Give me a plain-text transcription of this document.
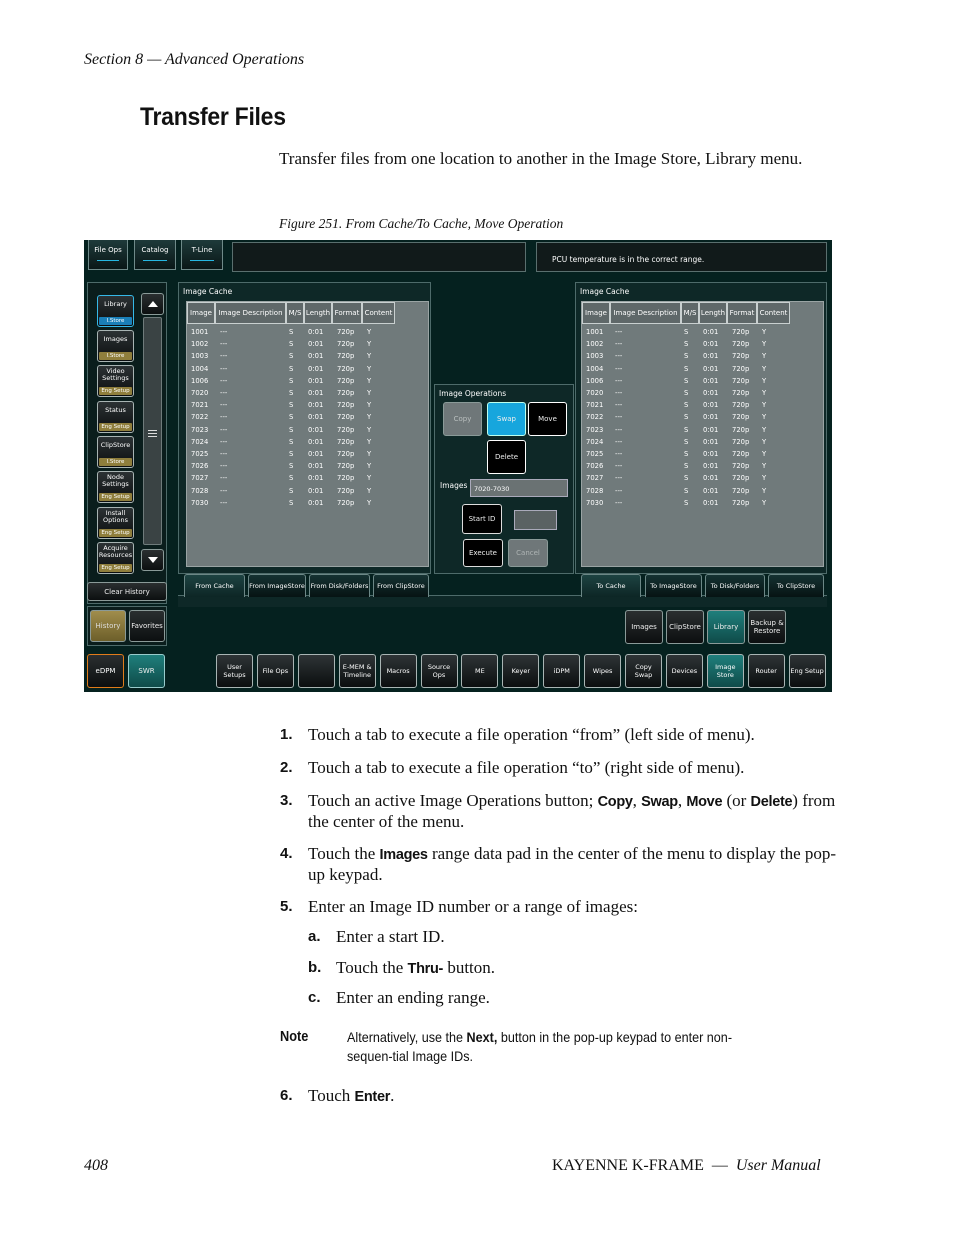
Section 8 — Advanced Operations
Transfer Files
Transfer files from one location to another in the Image Store, Library menu.
Figure 251. From Cache/To Cache, Move Operation
File Ops	Catalog	T-Line
PCU temperature is in the correct range.
Library
I.Store
Images
I.Store
Video Settings
Eng Setup
Status
Eng Setup
ClipStore
I.Store
Node Settings
Eng Setup
Install Options
Eng Setup
Acquire Resources
Eng Setup
Clear History
History	Favorites
eDPM	SWR
Image Cache
Image Image Description M/S Length Format Content
1001 ---	S 0:01 720p Y
1002 ---	S 0:01 720p Y
1003 ---	S 0:01 720p Y
1004 ---	S 0:01 720p Y
1006 ---	S 0:01 720p Y
7020 ---	S 0:01 720p Y
7021 ---	S 0:01 720p Y
7022 ---	S 0:01 720p Y
7023 ---	S 0:01 720p Y
7024 ---	S 0:01 720p Y
7025 ---	S 0:01 720p Y
7026 ---	S 0:01 720p Y
7027 ---	S 0:01 720p Y
7028 ---	S 0:01 720p Y
7030 ---	S 0:01 720p Y
Image Cache
Image Image Description M/S Length Format Content
1001 ---	S 0:01 720p Y
1002 ---	S 0:01 720p Y
1003 ---	S 0:01 720p Y
1004 ---	S 0:01 720p Y
1006 ---	S 0:01 720p Y
7020 ---	S 0:01 720p Y
7021 ---	S 0:01 720p Y
7022 ---	S 0:01 720p Y
7023 ---	S 0:01 720p Y
7024 ---	S 0:01 720p Y
7025 ---	S 0:01 720p Y
7026 ---	S 0:01 720p Y
7027 ---	S 0:01 720p Y
7028 ---	S 0:01 720p Y
7030 ---	S 0:01 720p Y
Image Operations
Copy	Swap	Move
Delete
Images	7020-7030
Start ID
Execute	Cancel
From Cache	From ImageStore From Disk/Folders	From ClipStore	To Cache	To ImageStore	To Disk/Folders	To ClipStore
Images	ClipStore	Library	Backup & Restore
User Setups	File Ops	E-MEM & Timeline	Macros	Source Ops	ME	Keyer	iDPM	Wipes	Copy Swap	Devices	Image Store	Router	Eng Setup
1. Touch a tab to execute a file operation “from” (left side of menu).
2. Touch a tab to execute a file operation “to” (right side of menu).
3. Touch an active Image Operations button; Copy, Swap, Move (or Delete) from the center of the menu.
4. Touch the Images range data pad in the center of the menu to display the pop-up keypad.
5. Enter an Image ID number or a range of images:
a. Enter a start ID.
b. Touch the Thru- button.
c. Enter an ending range.
Note	Alternatively, use the Next, button in the pop-up keypad to enter non-sequen-tial Image IDs.
6. Touch Enter.
408	KAYENNE K-FRAME — User Manual
